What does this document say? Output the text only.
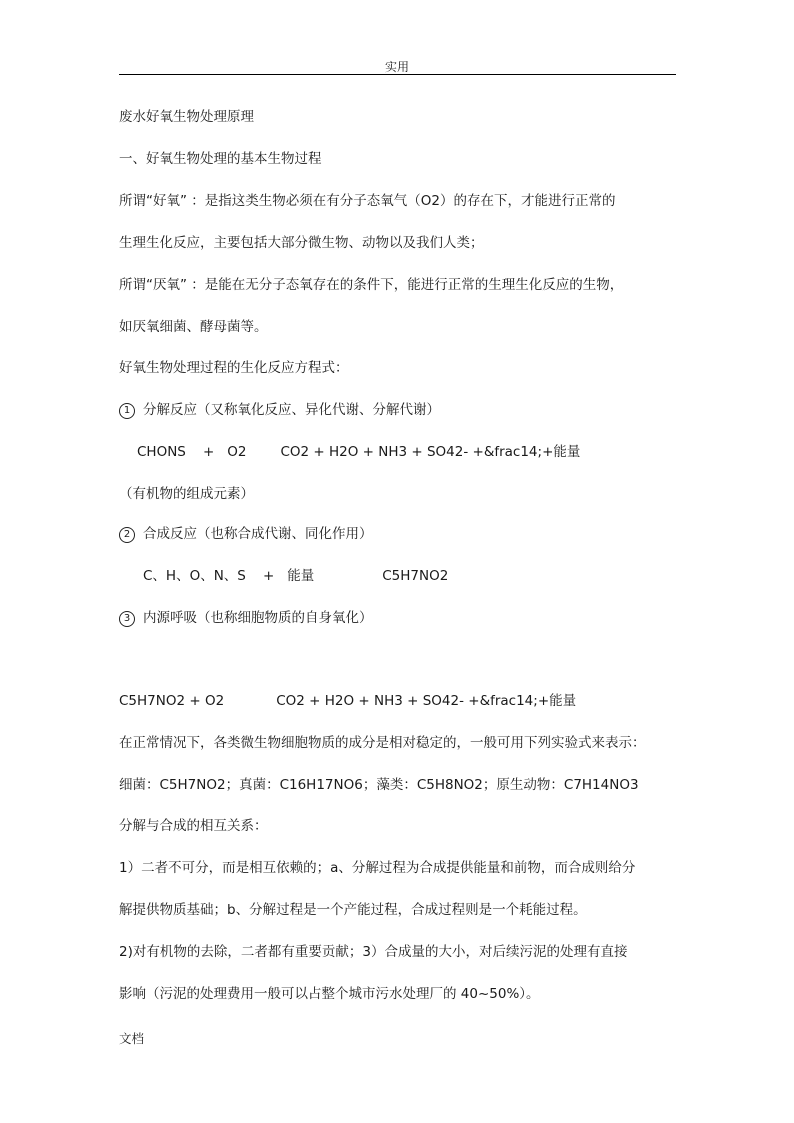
实用
废水好氧生物处理原理
一、好氧生物处理的基本生物过程
所谓“好氧” ：是指这类生物必须在有分子态氧气（O2）的存在下，才能进行正常的
生理生化反应，主要包括大部分微生物、动物以及我们人类；
所谓“厌氧” ：是能在无分子态氧存在的条件下，能进行正常的生理生化反应的生物，
如厌氧细菌、酵母菌等。
好氧生物处理过程的生化反应方程式：
1 分解反应（又称氧化反应、异化代谢、分解代谢）
CHONS    +   O2	CO2 + H2O + NH3 + SO42- +&frac14;+能量
（有机物的组成元素）
2 合成反应（也称合成代谢、同化作用）
C、H、O、N、S    +   能量	C5H7NO2
3 内源呼吸（也称细胞物质的自身氧化）
C5H7NO2 + O2	CO2 + H2O + NH3 + SO42- +&frac14;+能量
在正常情况下，各类微生物细胞物质的成分是相对稳定的，一般可用下列实验式来表示：
细菌：C5H7NO2；真菌：C16H17NO6；藻类：C5H8NO2；原生动物：C7H14NO3
分解与合成的相互关系：
1）二者不可分，而是相互依赖的；a、分解过程为合成提供能量和前物，而合成则给分
解提供物质基础；b、分解过程是一个产能过程，合成过程则是一个耗能过程。
2)对有机物的去除，二者都有重要贡献；3）合成量的大小，对后续污泥的处理有直接
影响（污泥的处理费用一般可以占整个城市污水处理厂的 40~50%）。
文档
